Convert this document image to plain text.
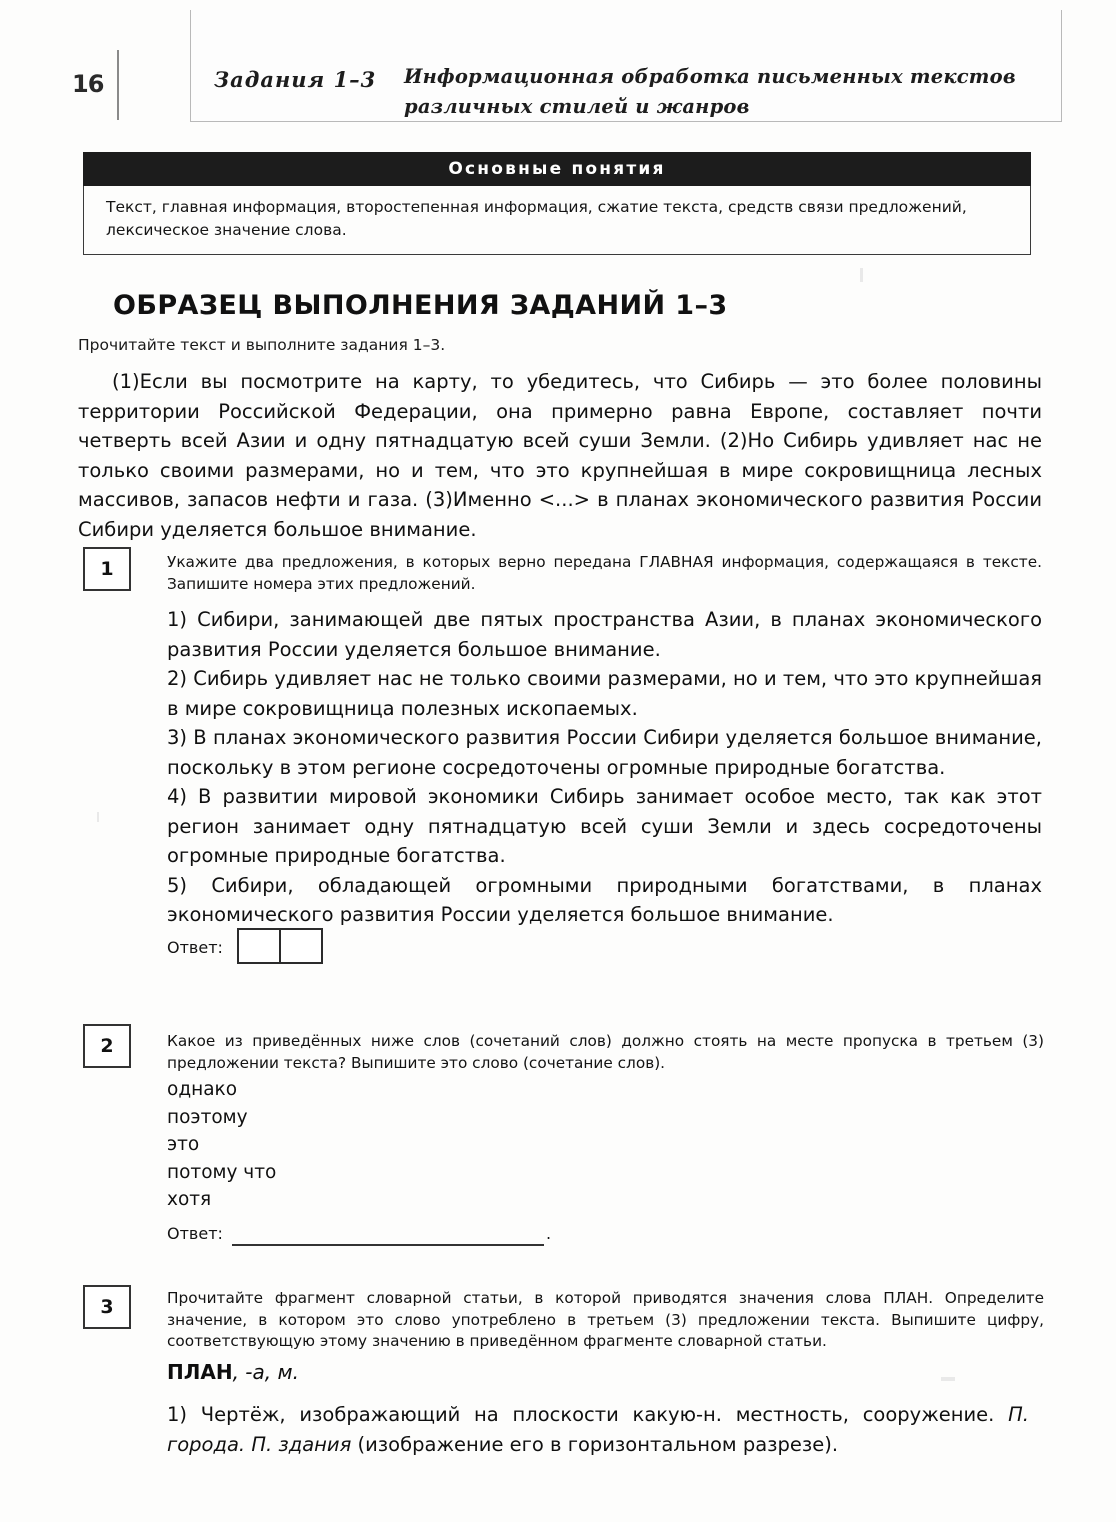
16	Задания 1–3 Информационная обработка письменных текстов различных стилей и жанров
Основные понятия
Текст, главная информация, второстепенная информация, сжатие текста, средств связи предложений, лексическое значение слова.
ОБРАЗЕЦ ВЫПОЛНЕНИЯ ЗАДАНИЙ 1–3
Прочитайте текст и выполните задания 1–3.
(1)Если вы посмотрите на карту, то убедитесь, что Сибирь — это более половины территории Российской Федерации, она примерно равна Европе, составляет почти четверть всей Азии и одну пятнадцатую всей суши Земли. (2)Но Сибирь удивляет нас не только своими размерами, но и тем, что это крупнейшая в мире сокровищница лесных массивов, запасов нефти и газа. (3)Именно <...> в планах экономического развития России Сибири уделяется большое внимание.
1	Укажите два предложения, в которых верно передана ГЛАВНАЯ информация, содержащаяся в тексте. Запишите номера этих предложений.

1) Сибири, занимающей две пятых пространства Азии, в планах экономического развития России уделяется большое внимание.

2) Сибирь удивляет нас не только своими размерами, но и тем, что это крупнейшая в мире сокровищница полезных ископаемых.

3) В планах экономического развития России Сибири уделяется большое внимание, поскольку в этом регионе сосредоточены огромные природные богатства.

4) В развитии мировой экономики Сибирь занимает особое место, так как этот регион занимает одну пятнадцатую всей суши Земли и здесь сосредоточены огромные природные богатства.

5) Сибири, обладающей огромными природными богатствами, в планах экономического развития России уделяется большое внимание.

Ответ:
2	Какое из приведённых ниже слов (сочетаний слов) должно стоять на месте пропуска в третьем (3) предложении текста? Выпишите это слово (сочетание слов).
однако
поэтому
это
потому что
хотя
Ответ:	.
3	Прочитайте фрагмент словарной статьи, в которой приводятся значения слова ПЛАН. Определите значение, в котором это слово употреблено в третьем (3) предложении текста. Выпишите цифру, соответствующую этому значению в приведённом фрагменте словарной статьи.
ПЛАН, -а, м.
1) Чертёж, изображающий на плоскости какую-н. местность, сооружение. П. города. П. здания (изображение его в горизонтальном разрезе).
